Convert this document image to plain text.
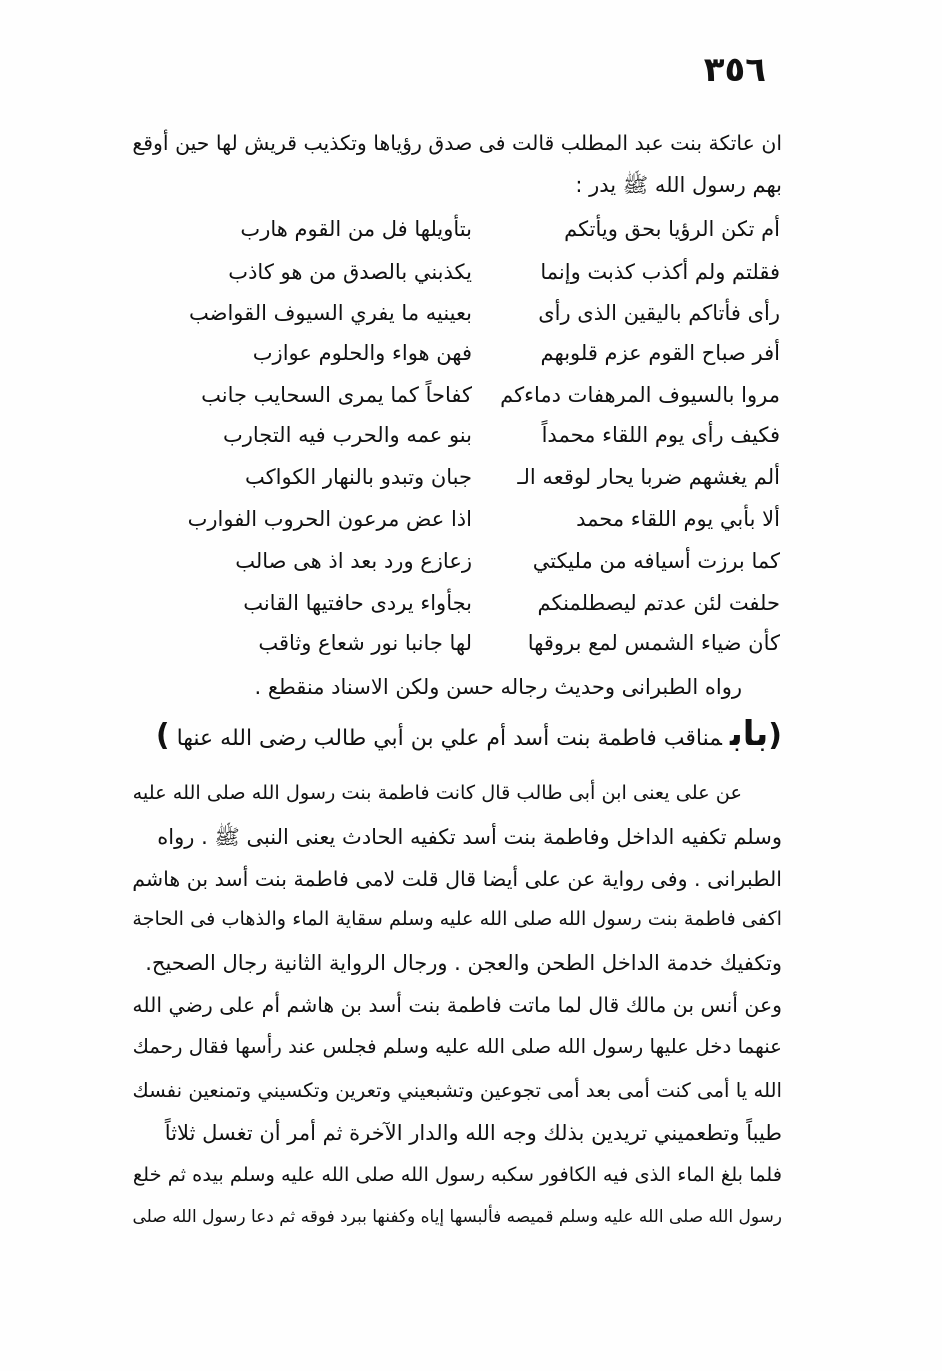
٣٥٦
ان عاتكة بنت عبد المطلب قالت فى صدق رؤياها وتكذيب قريش لها حين أوقع
بهم رسول الله ﷺ يدر :
أم تكن الرؤيا بحق ويأتكم
فقلتم ولم أكذب كذبت وإنما
رأى فأتاكم باليقين الذى رأى
أفر صباح القوم عزم قلوبهم
مروا بالسيوف المرهفات دماءكم
فكيف رأى يوم اللقاء محمداً
ألم يغشهم ضربا يحار لوقعه الـ
ألا بأبي يوم اللقاء محمد
كما برزت أسيافه من مليكتي
حلفت لئن عدتم ليصطلمنكم
كأن ضياء الشمس لمع بروقها
بتأويلها فل من القوم هارب
يكذبني بالصدق من هو كاذب
بعينيه ما يفري السيوف القواضب
فهن هواء والحلوم عوازب
كفاحاً كما يمرى السحايب جانب
بنو عمه والحرب فيه التجارب
جبان وتبدو بالنهار الكواكب
اذا عض مرعون الحروب الفوارب
زعازع ورد بعد اذ هى صالب
بجأواء يردى حافتيها القانب
لها جانبا نور شعاع وثاقب
رواه الطبرانى وحديث رجاله حسن ولكن الاسناد منقطع .
(بابمناقب فاطمة بنت أسد أم علي بن أبي طالب رضى الله عنها )
عن على يعنى ابن أبى طالب قال كانت فاطمة بنت رسول الله صلى الله عليه
وسلم تكفيه الداخل وفاطمة بنت أسد تكفيه الحادث يعنى النبى ﷺ . رواه
الطبرانى . وفى رواية عن على أيضا قال قلت لامى فاطمة بنت أسد بن هاشم
اكفى فاطمة بنت رسول الله صلى الله عليه وسلم سقاية الماء والذهاب فى الحاجة
وتكفيك خدمة الداخل الطحن والعجن . ورجال الرواية الثانية رجال الصحيح.
وعن أنس بن مالك قال لما ماتت فاطمة بنت أسد بن هاشم أم على رضي الله
عنهما دخل عليها رسول الله صلى الله عليه وسلم فجلس عند رأسها فقال رحمك
الله يا أمى كنت أمى بعد أمى تجوعين وتشبعيني وتعرين وتكسيني وتمنعين نفسك
طيباً وتطعميني تريدين بذلك وجه الله والدار الآخرة ثم أمر أن تغسل ثلاثاً
فلما بلغ الماء الذى فيه الكافور سكبه رسول الله صلى الله عليه وسلم بيده ثم خلع
رسول الله صلى الله عليه وسلم قميصه فألبسها إياه وكفنها ببرد فوقه ثم دعا رسول الله صلى
